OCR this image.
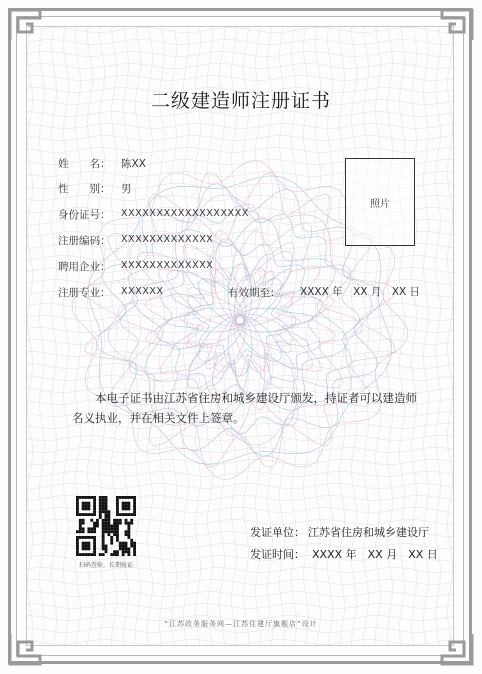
二级建造师注册证书
姓　　名： 陈XX
性　　别： 男
身份证号： XXXXXXXXXXXXXXXXXX
注册编码： XXXXXXXXXXXXX
聘用企业： XXXXXXXXXXXXX
注册专业： XXXXXX	有效期至： XXXX 年　XX 月　XX 日
照片
本电子证书由江苏省住房和城乡建设厅颁发，持证者可以建造师名义执业，并在相关文件上签章。
扫码查验，长期验证
发证单位： 江苏省住房和城乡建设厅
发证时间： XXXX 年　XX 月　XX 日
“江苏政务服务网—江苏住建厅旗舰店”设计
